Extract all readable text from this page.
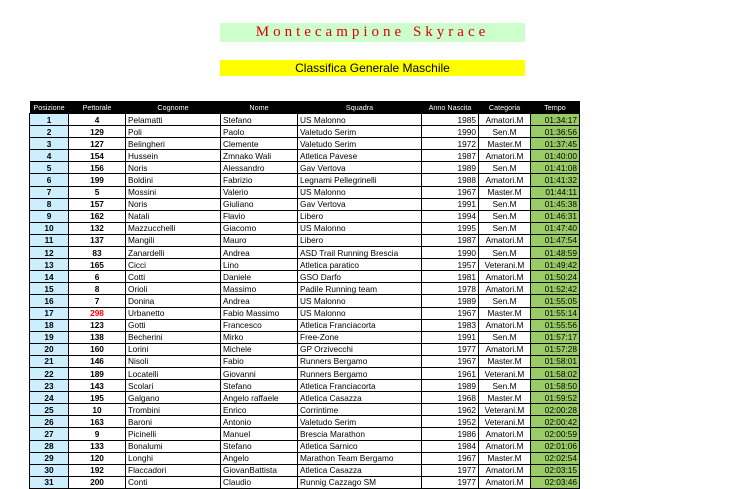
Montecampione Skyrace
Classifica Generale Maschile
Posizione	Pettorale	Cognome	Nome	Squadra	Anno Nascita	Categoria	Tempo
1	4	Pelamatti	Stefano	US Malonno	1985	Amatori.M	01:34:17
2	129	Poli	Paolo	Valetudo Serim	1990	Sen.M	01:36:56
3	127	Belingheri	Clemente	Valetudo Serim	1972	Master.M	01:37:45
4	154	Hussein	Zmnako Wali	Atletica Pavese	1987	Amatori.M	01:40:00
5	156	Noris	Alessandro	Gav Vertova	1989	Sen.M	01:41:08
6	199	Boldini	Fabrizio	Legnami Pellegrinelli	1988	Amatori.M	01:41:32
7	5	Mossini	Valerio	US Malonno	1967	Master.M	01:44:11
8	157	Noris	Giuliano	Gav Vertova	1991	Sen.M	01:45:38
9	162	Natali	Flavio	Libero	1994	Sen.M	01:46:31
10	132	Mazzucchelli	Giacomo	US Malonno	1995	Sen.M	01:47:40
11	137	Mangili	Mauro	Libero	1987	Amatori.M	01:47:54
12	83	Zanardelli	Andrea	ASD Trail Running Brescia	1990	Sen.M	01:48:59
13	165	Cicci	Lino	Atletica paratico	1957	Veterani.M	01:49:42
14	6	Cotti	Daniele	GSO Darfo	1981	Amatori.M	01:50:24
15	8	Orioli	Massimo	Padile Running team	1978	Amatori.M	01:52:42
16	7	Donina	Andrea	US Malonno	1989	Sen.M	01:55:05
17	298	Urbanetto	Fabio Massimo	US Malonno	1967	Master.M	01:55:14
18	123	Gotti	Francesco	Atletica Franciacorta	1983	Amatori.M	01:55:56
19	138	Becherini	Mirko	Free-Zone	1991	Sen.M	01:57:17
20	160	Lorini	Michele	GP Orzivecchi	1977	Amatori.M	01:57:28
21	146	Nisoli	Fabio	Runners Bergamo	1967	Master.M	01:58:01
22	189	Locatelli	Giovanni	Runners Bergamo	1961	Veterani.M	01:58:02
23	143	Scolari	Stefano	Atletica Franciacorta	1989	Sen.M	01:58:50
24	195	Galgano	Angelo raffaele	Atletica Casazza	1968	Master.M	01:59:52
25	10	Trombini	Enrico	Corrintime	1962	Veterani.M	02:00:28
26	163	Baroni	Antonio	Valetudo Serim	1952	Veterani.M	02:00:42
27	9	Picinelli	Manuel	Brescia Marathon	1986	Amatori.M	02:00:59
28	133	Bonalumi	Stefano	Atletica Sarnico	1984	Amatori.M	02:01:06
29	120	Longhi	Angelo	Marathon Team Bergamo	1967	Master.M	02:02:54
30	192	Flaccadori	GiovanBattista	Atletica Casazza	1977	Amatori.M	02:03:15
31	200	Conti	Claudio	Runnig Cazzago SM	1977	Amatori.M	02:03:46
